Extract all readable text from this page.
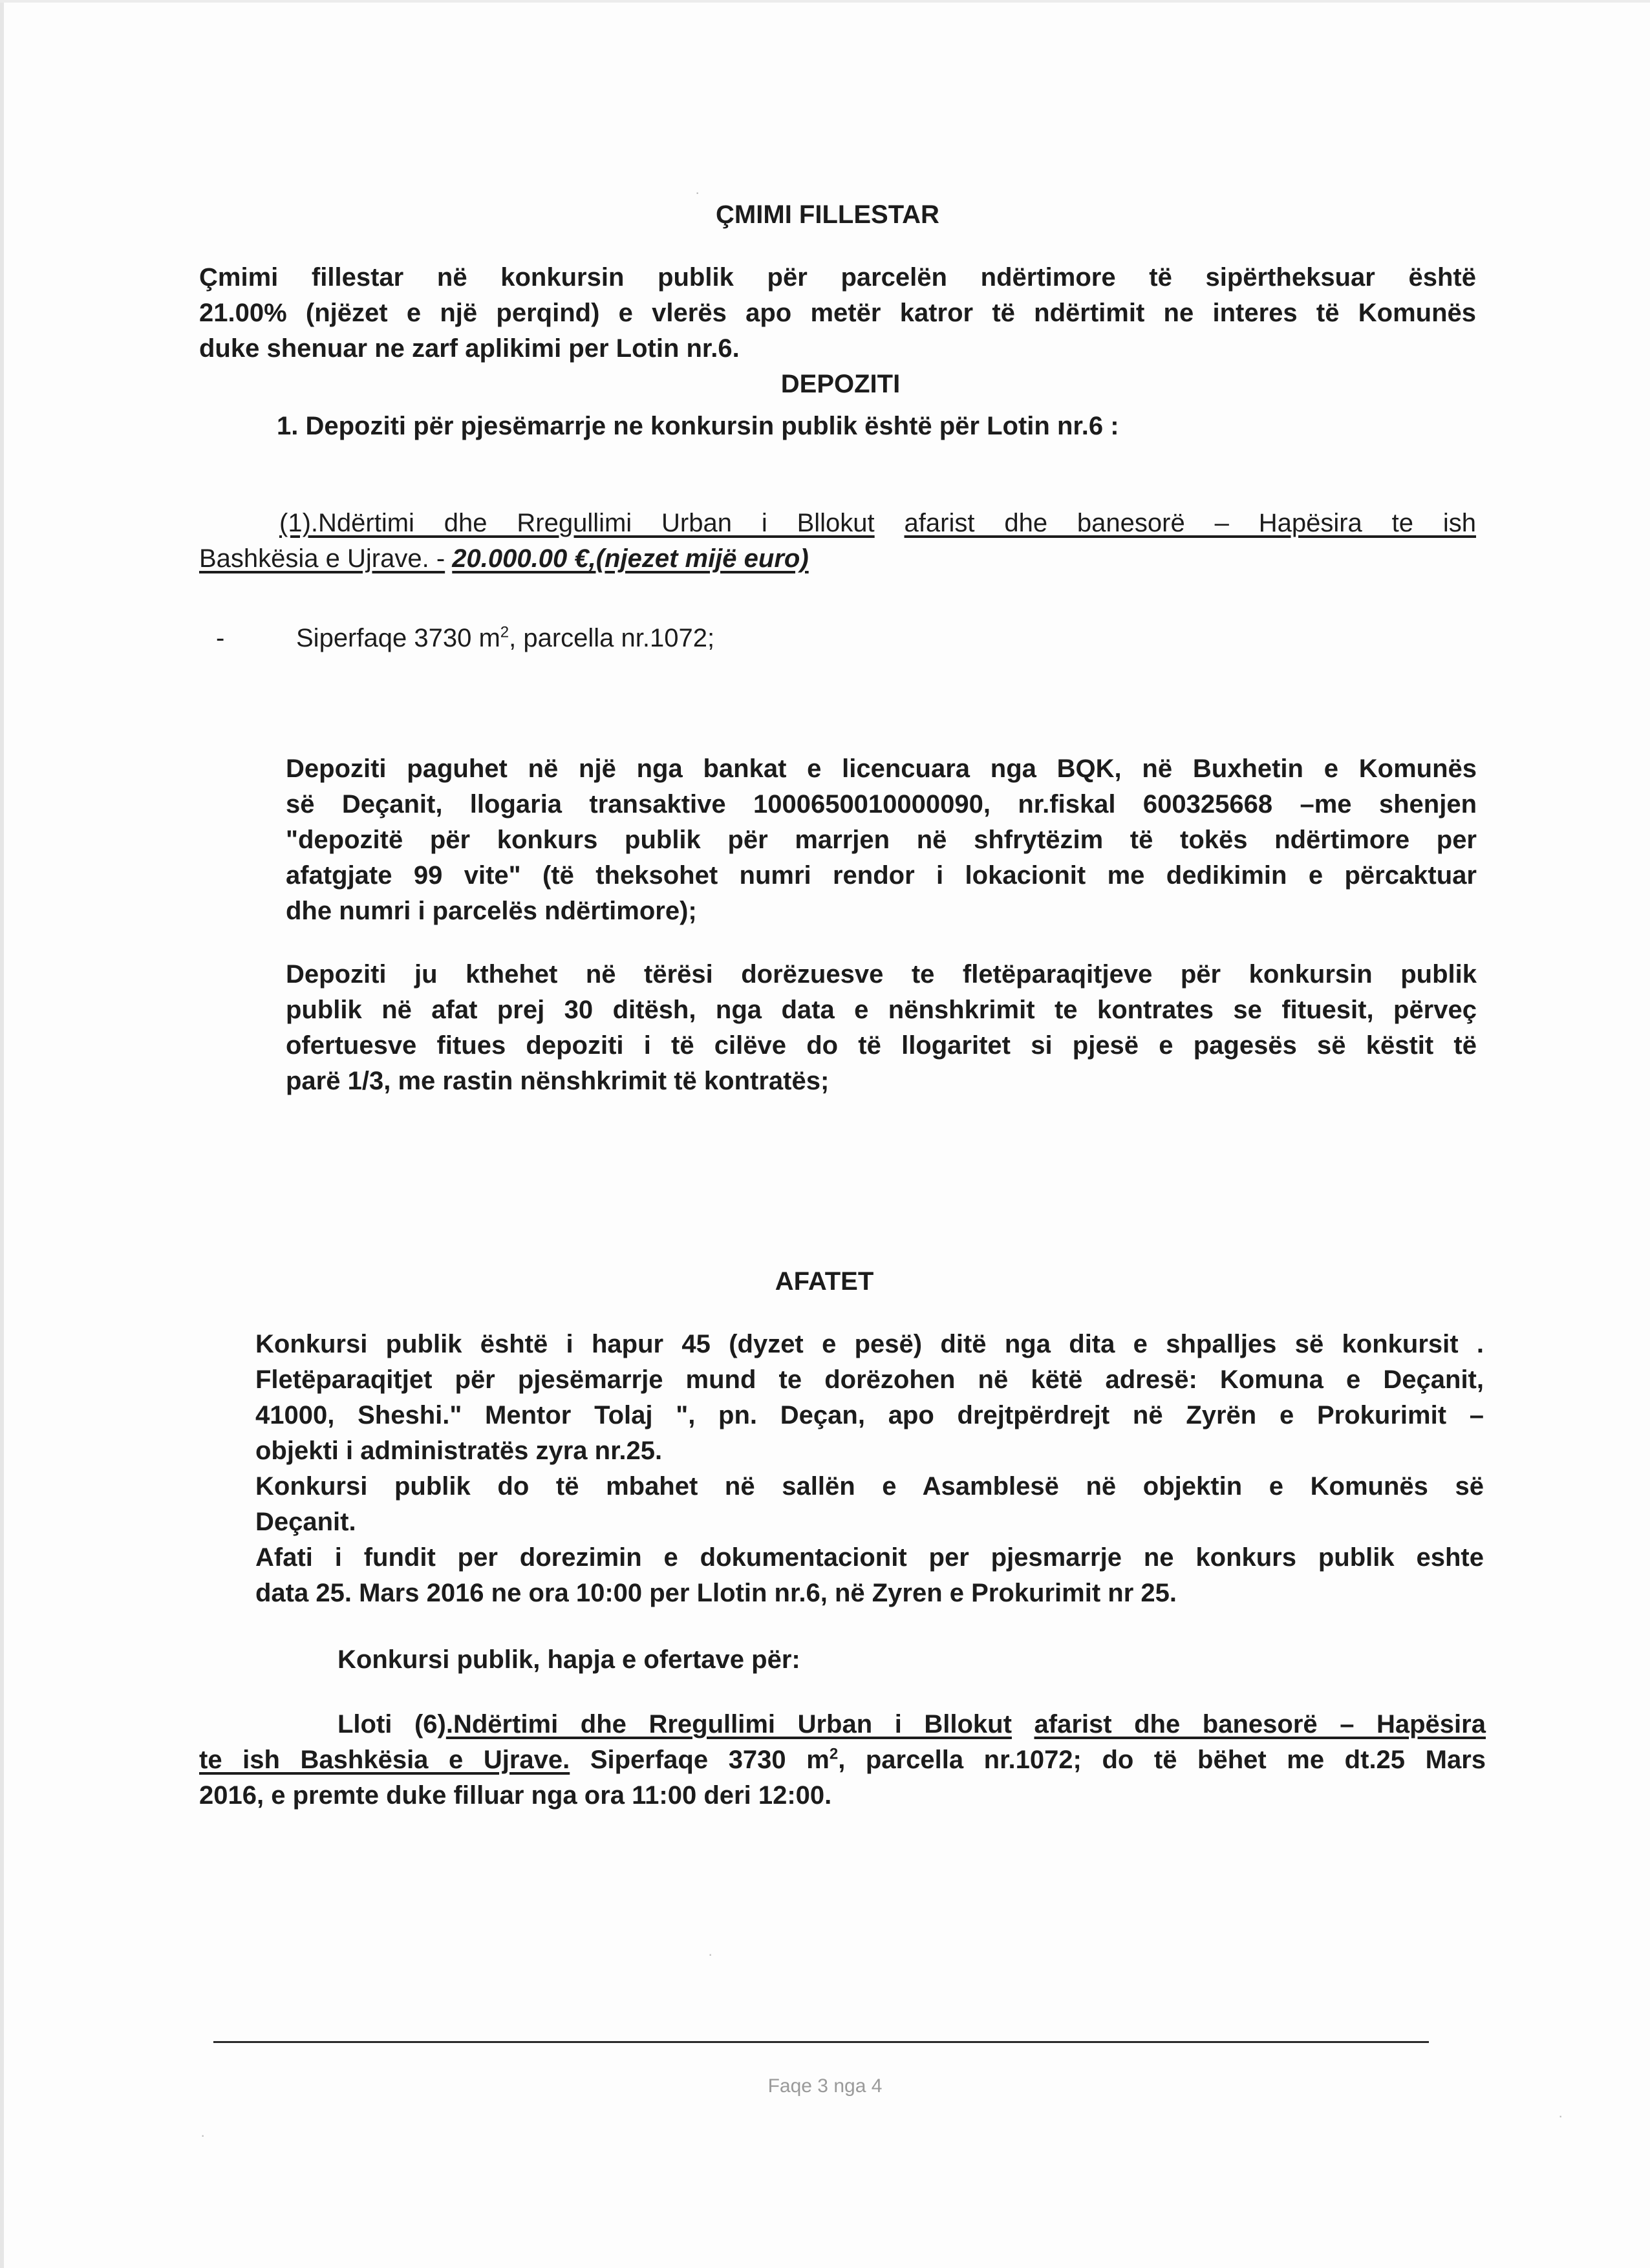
ÇMIMI FILLESTAR
Çmimi fillestar në konkursin publik për parcelën ndërtimore të sipërtheksuar është
21.00% (njëzet e një perqind) e vlerës apo metër katror të ndërtimit ne interes të Komunës
duke shenuar ne zarf aplikimi per Lotin nr.6.
DEPOZITI
1. Depoziti për pjesëmarrje ne konkursin publik është për Lotin nr.6 :
(1).Ndërtimi dhe Rregullimi Urban i Bllokut afarist dhe banesorë – Hapësira te ish
Bashkësia e Ujrave. - 20.000.00 €,(njezet mijë euro)
-	Siperfaqe 3730 $m^2$, parcella nr.1072;
Depoziti paguhet në një nga bankat e licencuara nga BQK, në Buxhetin e Komunës
së Deçanit, llogaria transaktive 1000650010000090, nr.fiskal 600325668 –me shenjen
"depozitë për konkurs publik për marrjen në shfrytëzim të tokës ndërtimore per
afatgjate 99 vite" (të theksohet numri rendor i lokacionit me dedikimin e përcaktuar
dhe numri i parcelës ndërtimore);
Depoziti ju kthehet në tërësi dorëzuesve te fletëparaqitjeve për konkursin publik
publik në afat prej 30 ditësh, nga data e nënshkrimit te kontrates se fituesit, përveç
ofertuesve fitues depoziti i të cilëve do të llogaritet si pjesë e pagesës së këstit të
parë 1/3, me rastin nënshkrimit të kontratës;
AFATET
Konkursi publik është i hapur 45 (dyzet e pesë) ditë nga dita e shpalljes së konkursit .
Fletëparaqitjet për pjesëmarrje mund te dorëzohen në këtë adresë: Komuna e Deçanit,
41000, Sheshi." Mentor Tolaj ", pn. Deçan, apo drejtpërdrejt në Zyrën e Prokurimit –
objekti i administratës zyra nr.25.
Konkursi publik do të mbahet në sallën e Asamblesë në objektin e Komunës së
Deçanit.
Afati i fundit per dorezimin e dokumentacionit per pjesmarrje ne konkurs publik eshte
data 25. Mars 2016 ne ora 10:00 per Llotin nr.6, në Zyren e Prokurimit nr 25.
Konkursi publik, hapja e ofertave për:
Lloti (6).Ndërtimi dhe Rregullimi Urban i Bllokut afarist dhe banesorë – Hapësira
te ish Bashkësia e Ujrave. Siperfaqe 3730 $m^2$, parcella nr.1072; do të bëhet me dt.25 Mars
2016, e premte duke filluar nga ora 11:00 deri 12:00.
Faqe 3 nga 4
·
·
·
·
